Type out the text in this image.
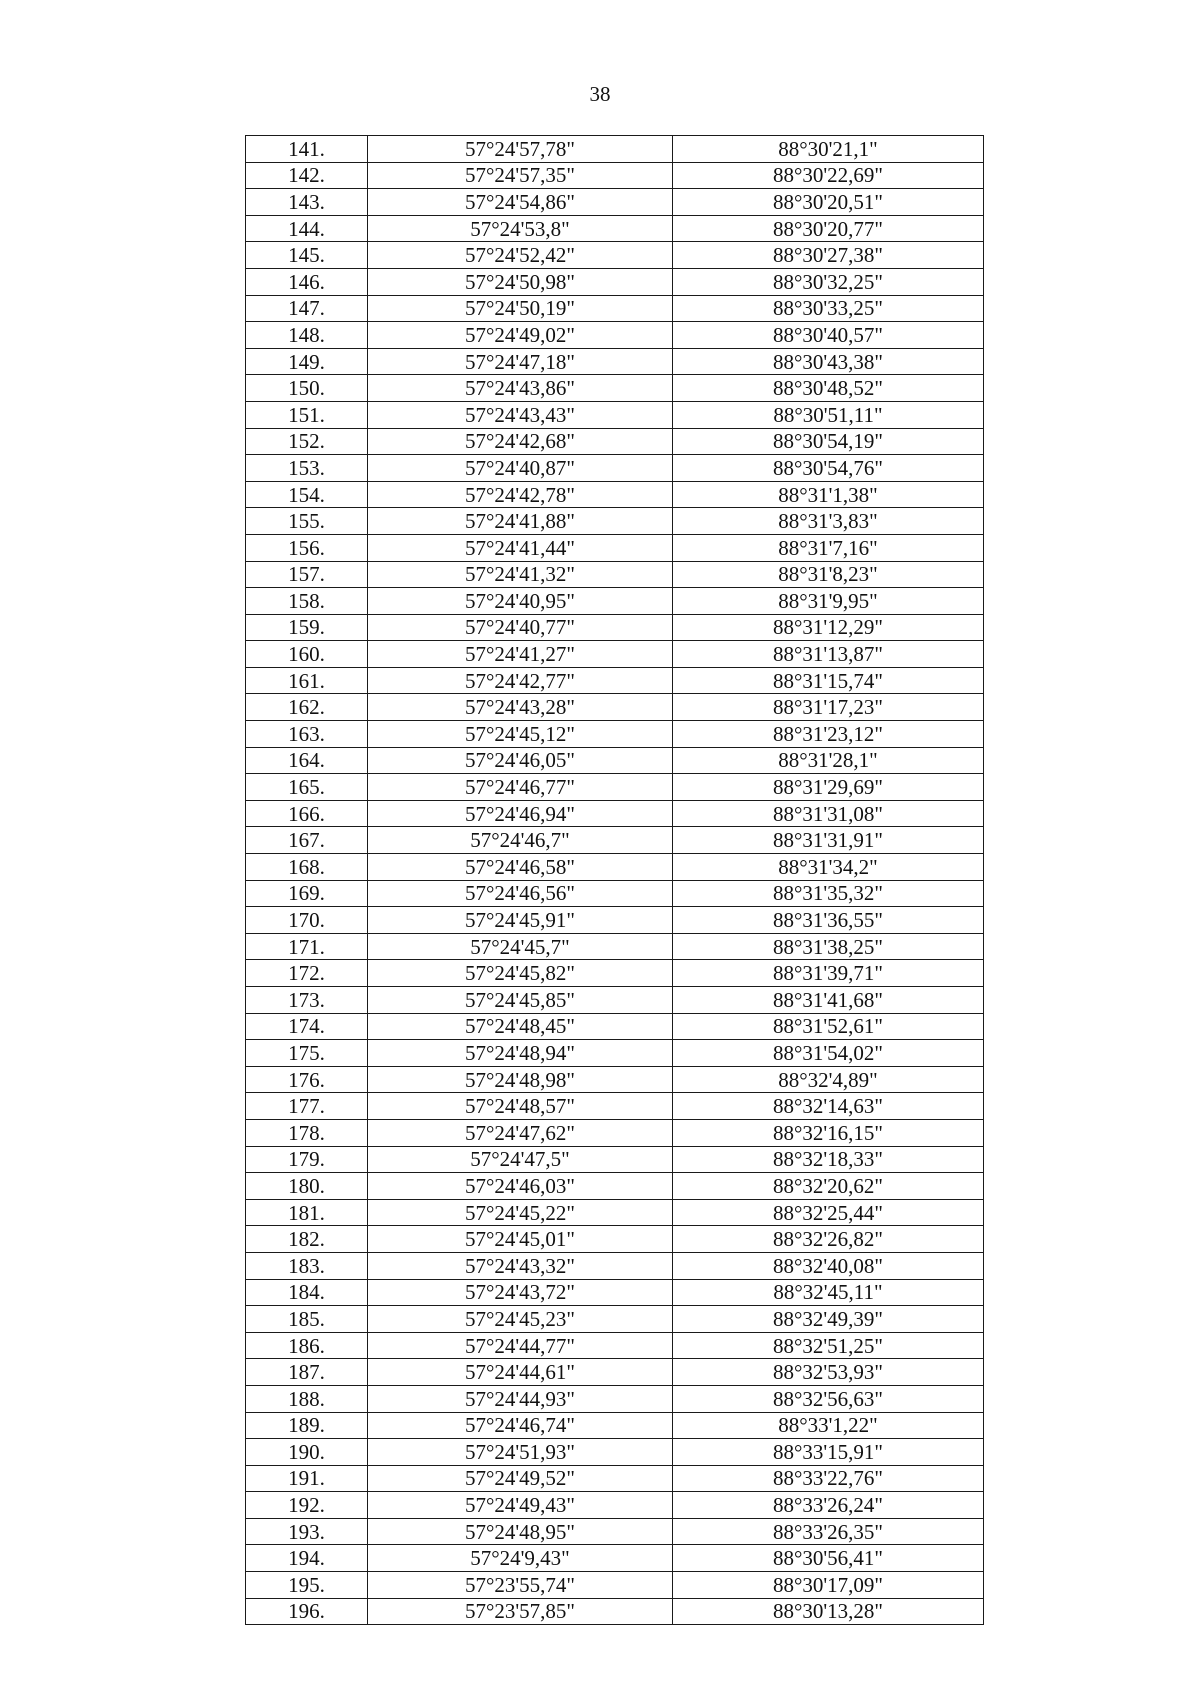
38
141.	57°24'57,78"	88°30'21,1"
142.	57°24'57,35"	88°30'22,69"
143.	57°24'54,86"	88°30'20,51"
144.	57°24'53,8"	88°30'20,77"
145.	57°24'52,42"	88°30'27,38"
146.	57°24'50,98"	88°30'32,25"
147.	57°24'50,19"	88°30'33,25"
148.	57°24'49,02"	88°30'40,57"
149.	57°24'47,18"	88°30'43,38"
150.	57°24'43,86"	88°30'48,52"
151.	57°24'43,43"	88°30'51,11"
152.	57°24'42,68"	88°30'54,19"
153.	57°24'40,87"	88°30'54,76"
154.	57°24'42,78"	88°31'1,38"
155.	57°24'41,88"	88°31'3,83"
156.	57°24'41,44"	88°31'7,16"
157.	57°24'41,32"	88°31'8,23"
158.	57°24'40,95"	88°31'9,95"
159.	57°24'40,77"	88°31'12,29"
160.	57°24'41,27"	88°31'13,87"
161.	57°24'42,77"	88°31'15,74"
162.	57°24'43,28"	88°31'17,23"
163.	57°24'45,12"	88°31'23,12"
164.	57°24'46,05"	88°31'28,1"
165.	57°24'46,77"	88°31'29,69"
166.	57°24'46,94"	88°31'31,08"
167.	57°24'46,7"	88°31'31,91"
168.	57°24'46,58"	88°31'34,2"
169.	57°24'46,56"	88°31'35,32"
170.	57°24'45,91"	88°31'36,55"
171.	57°24'45,7"	88°31'38,25"
172.	57°24'45,82"	88°31'39,71"
173.	57°24'45,85"	88°31'41,68"
174.	57°24'48,45"	88°31'52,61"
175.	57°24'48,94"	88°31'54,02"
176.	57°24'48,98"	88°32'4,89"
177.	57°24'48,57"	88°32'14,63"
178.	57°24'47,62"	88°32'16,15"
179.	57°24'47,5"	88°32'18,33"
180.	57°24'46,03"	88°32'20,62"
181.	57°24'45,22"	88°32'25,44"
182.	57°24'45,01"	88°32'26,82"
183.	57°24'43,32"	88°32'40,08"
184.	57°24'43,72"	88°32'45,11"
185.	57°24'45,23"	88°32'49,39"
186.	57°24'44,77"	88°32'51,25"
187.	57°24'44,61"	88°32'53,93"
188.	57°24'44,93"	88°32'56,63"
189.	57°24'46,74"	88°33'1,22"
190.	57°24'51,93"	88°33'15,91"
191.	57°24'49,52"	88°33'22,76"
192.	57°24'49,43"	88°33'26,24"
193.	57°24'48,95"	88°33'26,35"
194.	57°24'9,43"	88°30'56,41"
195.	57°23'55,74"	88°30'17,09"
196.	57°23'57,85"	88°30'13,28"
